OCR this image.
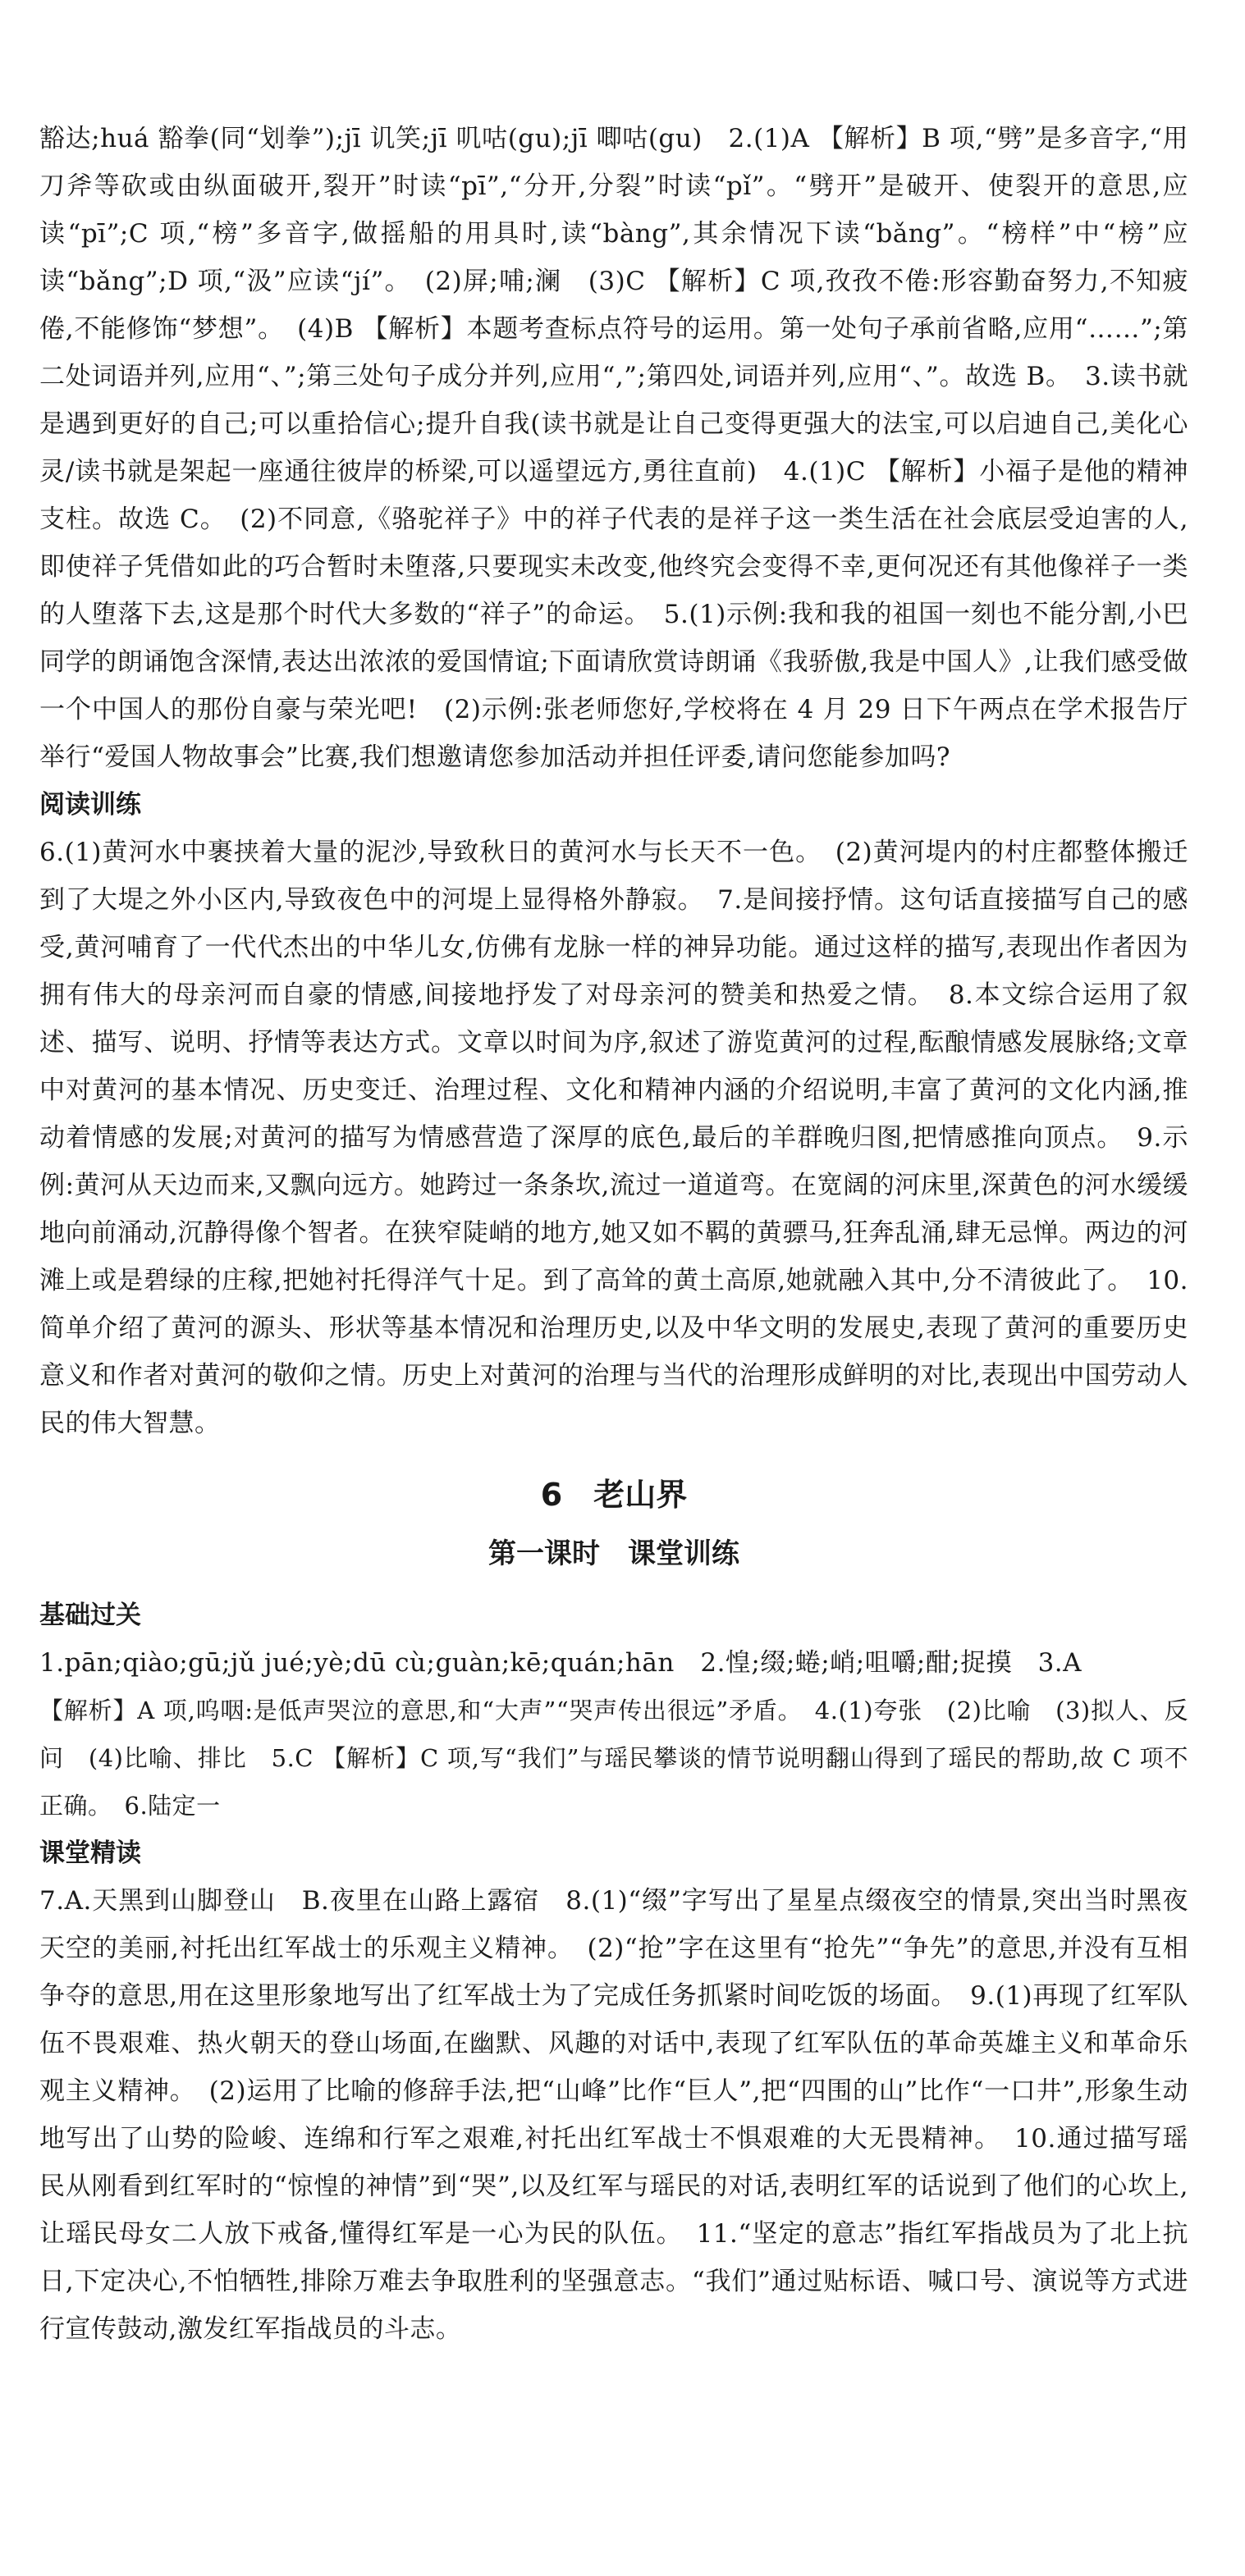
豁达;huá 豁拳(同“划拳”);jī 讥笑;jī 叽咕(gu);jī 唧咕(gu)　2.(1)A 【解析】B 项,“劈”是多音字,“用刀斧等砍或由纵面破开,裂开”时读“pī”,“分开,分裂”时读“pǐ”。“劈开”是破开、使裂开的意思,应读“pī”;C 项,“榜”多音字,做摇船的用具时,读“bàng”,其余情况下读“bǎng”。“榜样”中“榜”应读“bǎng”;D 项,“汲”应读“jí”。　(2)屏;哺;澜　(3)C 【解析】C 项,孜孜不倦:形容勤奋努力,不知疲倦,不能修饰“梦想”。　(4)B 【解析】本题考查标点符号的运用。第一处句子承前省略,应用“……”;第二处词语并列,应用“、”;第三处句子成分并列,应用“,”;第四处,词语并列,应用“、”。故选 B。　3.读书就是遇到更好的自己;可以重拾信心;提升自我(读书就是让自己变得更强大的法宝,可以启迪自己,美化心灵/读书就是架起一座通往彼岸的桥梁,可以遥望远方,勇往直前)　4.(1)C 【解析】小福子是他的精神支柱。故选 C。　(2)不同意,《骆驼祥子》中的祥子代表的是祥子这一类生活在社会底层受迫害的人,即使祥子凭借如此的巧合暂时未堕落,只要现实未改变,他终究会变得不幸,更何况还有其他像祥子一类的人堕落下去,这是那个时代大多数的“祥子”的命运。　5.(1)示例:我和我的祖国一刻也不能分割,小巴同学的朗诵饱含深情,表达出浓浓的爱国情谊;下面请欣赏诗朗诵《我骄傲,我是中国人》,让我们感受做一个中国人的那份自豪与荣光吧!　(2)示例:张老师您好,学校将在 4 月 29 日下午两点在学术报告厅举行“爱国人物故事会”比赛,我们想邀请您参加活动并担任评委,请问您能参加吗?

阅读训练

6.(1)黄河水中裹挟着大量的泥沙,导致秋日的黄河水与长天不一色。　(2)黄河堤内的村庄都整体搬迁到了大堤之外小区内,导致夜色中的河堤上显得格外静寂。　7.是间接抒情。这句话直接描写自己的感受,黄河哺育了一代代杰出的中华儿女,仿佛有龙脉一样的神异功能。通过这样的描写,表现出作者因为拥有伟大的母亲河而自豪的情感,间接地抒发了对母亲河的赞美和热爱之情。　8.本文综合运用了叙述、描写、说明、抒情等表达方式。文章以时间为序,叙述了游览黄河的过程,酝酿情感发展脉络;文章中对黄河的基本情况、历史变迁、治理过程、文化和精神内涵的介绍说明,丰富了黄河的文化内涵,推动着情感的发展;对黄河的描写为情感营造了深厚的底色,最后的羊群晚归图,把情感推向顶点。　9.示例:黄河从天边而来,又飘向远方。她跨过一条条坎,流过一道道弯。在宽阔的河床里,深黄色的河水缓缓地向前涌动,沉静得像个智者。在狭窄陡峭的地方,她又如不羁的黄骠马,狂奔乱涌,肆无忌惮。两边的河滩上或是碧绿的庄稼,把她衬托得洋气十足。到了高耸的黄土高原,她就融入其中,分不清彼此了。　10.简单介绍了黄河的源头、形状等基本情况和治理历史,以及中华文明的发展史,表现了黄河的重要历史意义和作者对黄河的敬仰之情。历史上对黄河的治理与当代的治理形成鲜明的对比,表现出中国劳动人民的伟大智慧。

6　老山界
第一课时　课堂训练

基础过关

1.pān;qiào;gū;jǔ jué;yè;dū cù;guàn;kē;quán;hān　2.惶;缀;蜷;峭;咀嚼;酣;捉摸　3.A

【解析】A 项,呜咽:是低声哭泣的意思,和“大声”“哭声传出很远”矛盾。　4.(1)夸张　(2)比喻　(3)拟人、反问　(4)比喻、排比　5.C 【解析】C 项,写“我们”与瑶民攀谈的情节说明翻山得到了瑶民的帮助,故 C 项不正确。　6.陆定一

课堂精读

7.A.天黑到山脚登山　B.夜里在山路上露宿　8.(1)“缀”字写出了星星点缀夜空的情景,突出当时黑夜天空的美丽,衬托出红军战士的乐观主义精神。　(2)“抢”字在这里有“抢先”“争先”的意思,并没有互相争夺的意思,用在这里形象地写出了红军战士为了完成任务抓紧时间吃饭的场面。　9.(1)再现了红军队伍不畏艰难、热火朝天的登山场面,在幽默、风趣的对话中,表现了红军队伍的革命英雄主义和革命乐观主义精神。　(2)运用了比喻的修辞手法,把“山峰”比作“巨人”,把“四围的山”比作“一口井”,形象生动地写出了山势的险峻、连绵和行军之艰难,衬托出红军战士不惧艰难的大无畏精神。　10.通过描写瑶民从刚看到红军时的“惊惶的神情”到“哭”,以及红军与瑶民的对话,表明红军的话说到了他们的心坎上,让瑶民母女二人放下戒备,懂得红军是一心为民的队伍。　11.“坚定的意志”指红军指战员为了北上抗日,下定决心,不怕牺牲,排除万难去争取胜利的坚强意志。“我们”通过贴标语、喊口号、演说等方式进行宣传鼓动,激发红军指战员的斗志。
